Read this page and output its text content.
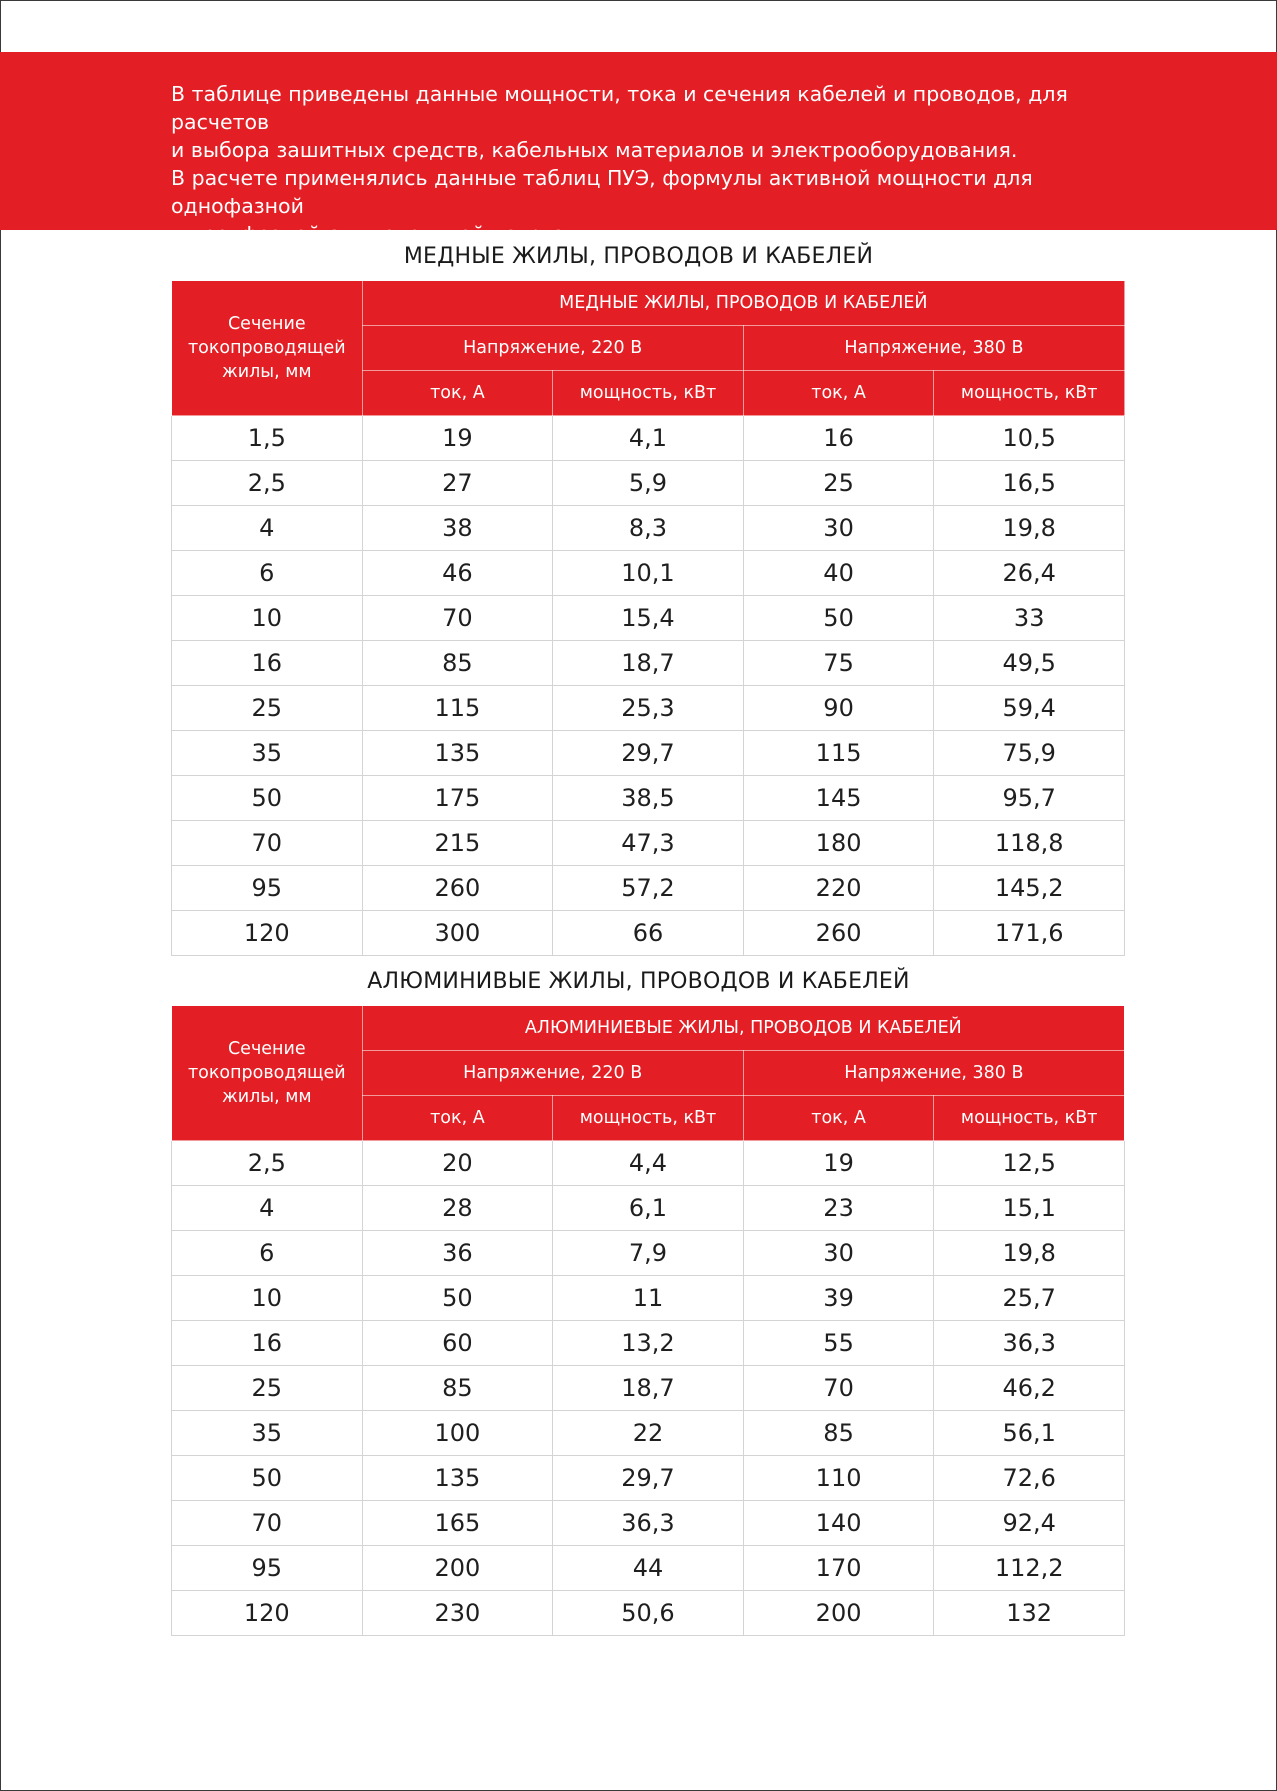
В таблице приведены данные мощности, тока и сечения кабелей и проводов, для расчетов

и выбора зашитных средств, кабельных материалов и электрооборудования.

В расчете применялись данные таблиц ПУЭ, формулы активной мощности для однофазной

и трехфазной симметричной нагрузки.

МЕДНЫЕ ЖИЛЫ, ПРОВОДОВ И КАБЕЛЕЙ
Сечение токопроводящей жилы, мм	МЕДНЫЕ ЖИЛЫ, ПРОВОДОВ И КАБЕЛЕЙ			
	Напряжение, 220 В		Напряжение, 380 В	
	ток, А	мощность, кВт	ток, А	мощность, кВт
1,5	19	4,1	16	10,5
2,5	27	5,9	25	16,5
4	38	8,3	30	19,8
6	46	10,1	40	26,4
10	70	15,4	50	33
16	85	18,7	75	49,5
25	115	25,3	90	59,4
35	135	29,7	115	75,9
50	175	38,5	145	95,7
70	215	47,3	180	118,8
95	260	57,2	220	145,2
120	300	66	260	171,6
АЛЮМИНИВЫЕ ЖИЛЫ, ПРОВОДОВ И КАБЕЛЕЙ
Сечение токопроводящей жилы, мм	АЛЮМИНИЕВЫЕ ЖИЛЫ, ПРОВОДОВ И КАБЕЛЕЙ			
	Напряжение, 220 В		Напряжение, 380 В	
	ток, А	мощность, кВт	ток, А	мощность, кВт
2,5	20	4,4	19	12,5
4	28	6,1	23	15,1
6	36	7,9	30	19,8
10	50	11	39	25,7
16	60	13,2	55	36,3
25	85	18,7	70	46,2
35	100	22	85	56,1
50	135	29,7	110	72,6
70	165	36,3	140	92,4
95	200	44	170	112,2
120	230	50,6	200	132
